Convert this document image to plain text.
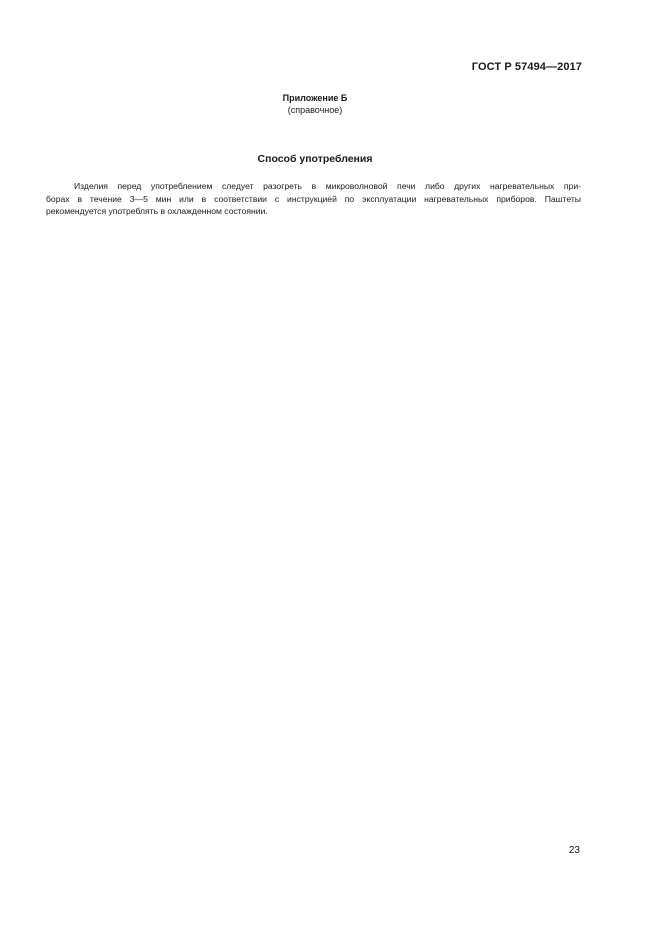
ГОСТ Р 57494—2017
Приложение Б
(справочное)
Способ употребления
Изделия перед употреблением следует разогреть в микроволновой печи либо других нагревательных при-
борах в течение 3—5 мин или в соответствии с инструкцией по эксплуатации нагревательных приборов. Паштеты
рекомендуется употреблять в охлажденном состоянии.
23
